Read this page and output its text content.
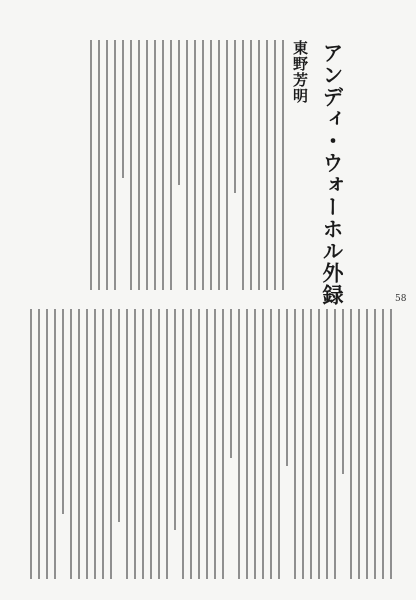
アンディ・ウォーホル外録
東野芳明
58
